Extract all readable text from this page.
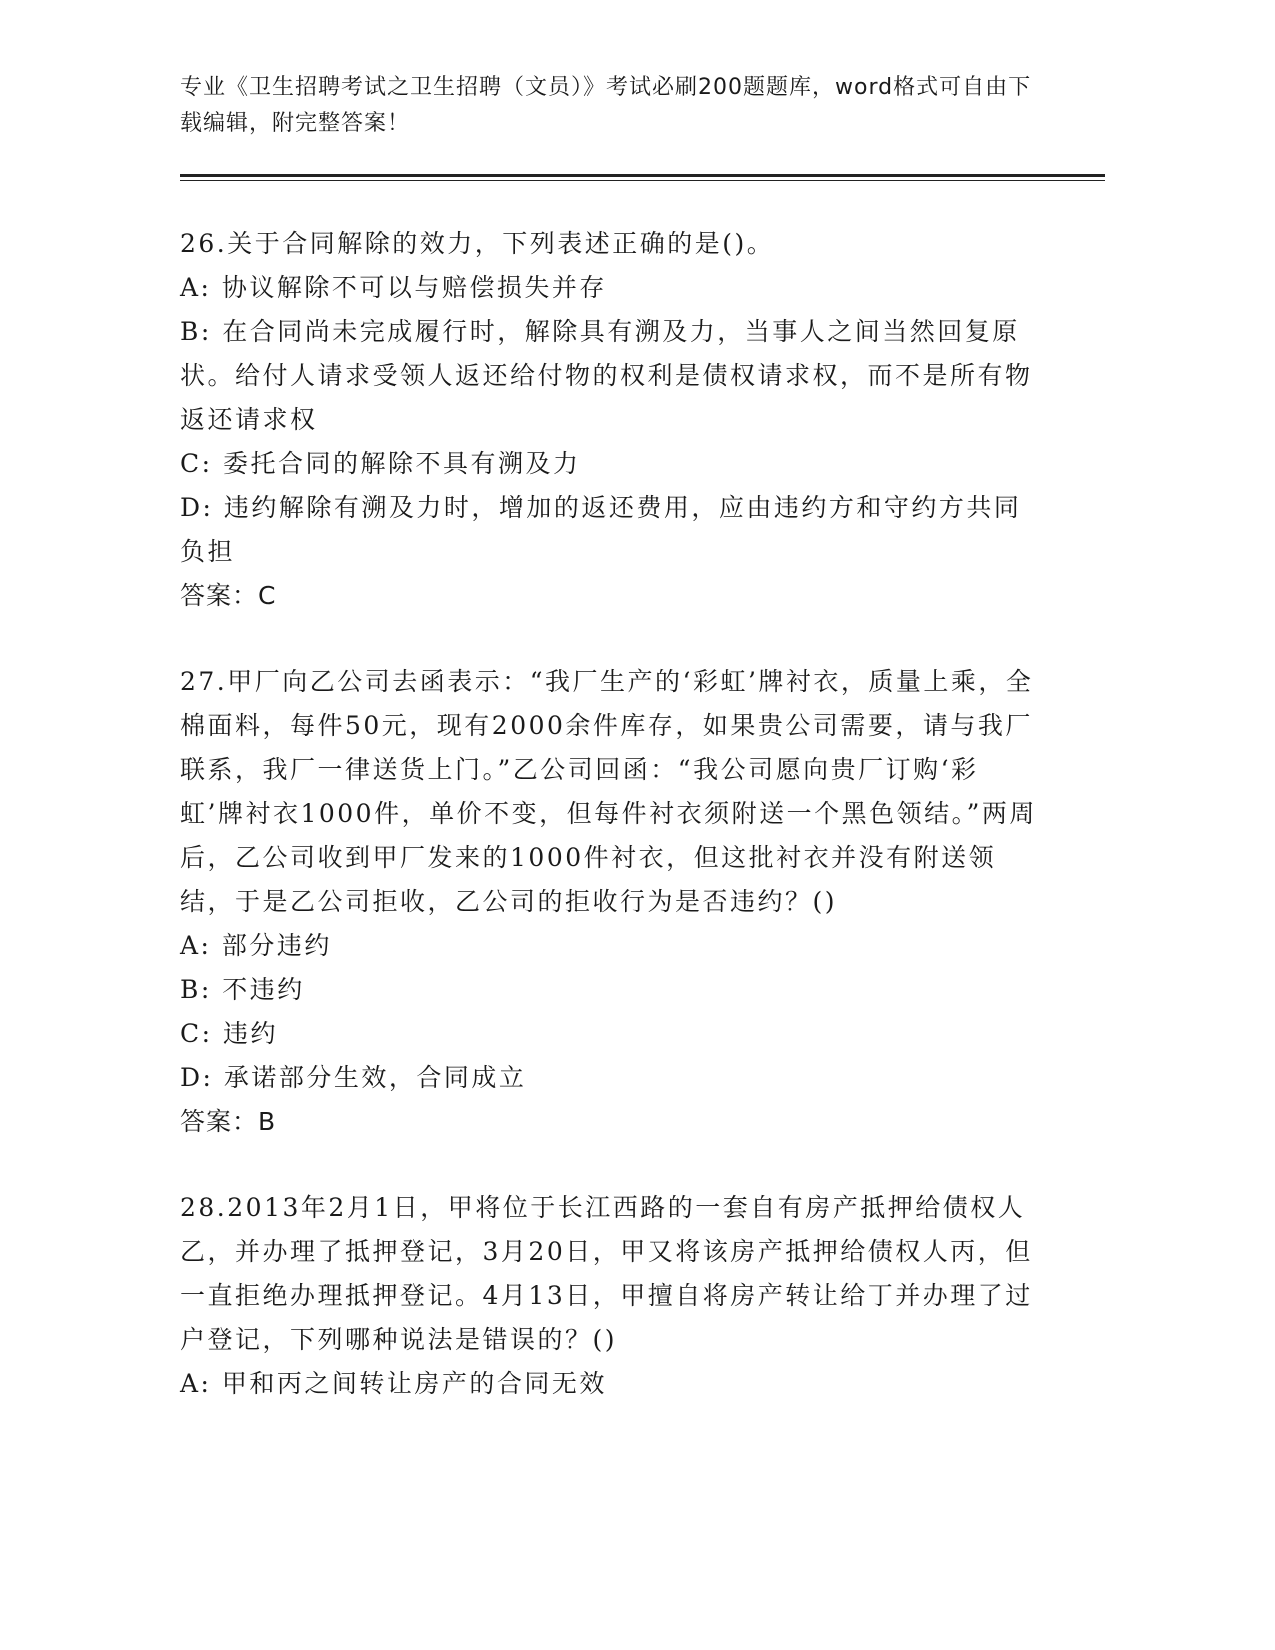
专业《卫生招聘考试之卫生招聘（文员）》考试必刷200题题库，word格式可自由下载编辑，附完整答案！

26.关于合同解除的效力，下列表述正确的是()。

A: 协议解除不可以与赔偿损失并存

B: 在合同尚未完成履行时，解除具有溯及力，当事人之间当然回复原状。给付人请求受领人返还给付物的权利是债权请求权，而不是所有物返还请求权

C: 委托合同的解除不具有溯及力

D: 违约解除有溯及力时，增加的返还费用，应由违约方和守约方共同负担

答案：C

27.甲厂向乙公司去函表示：“我厂生产的‘彩虹’牌衬衣，质量上乘，全棉面料，每件50元，现有2000余件库存，如果贵公司需要，请与我厂联系，我厂一律送货上门。”乙公司回函：“我公司愿向贵厂订购‘彩虹’牌衬衣1000件，单价不变，但每件衬衣须附送一个黑色领结。”两周后，乙公司收到甲厂发来的1000件衬衣，但这批衬衣并没有附送领结，于是乙公司拒收，乙公司的拒收行为是否违约？()

A: 部分违约

B: 不违约

C: 违约

D: 承诺部分生效，合同成立

答案：B

28.2013年2月1日，甲将位于长江西路的一套自有房产抵押给债权人乙，并办理了抵押登记，3月20日，甲又将该房产抵押给债权人丙，但一直拒绝办理抵押登记。4月13日，甲擅自将房产转让给丁并办理了过户登记，下列哪种说法是错误的？()

A: 甲和丙之间转让房产的合同无效
